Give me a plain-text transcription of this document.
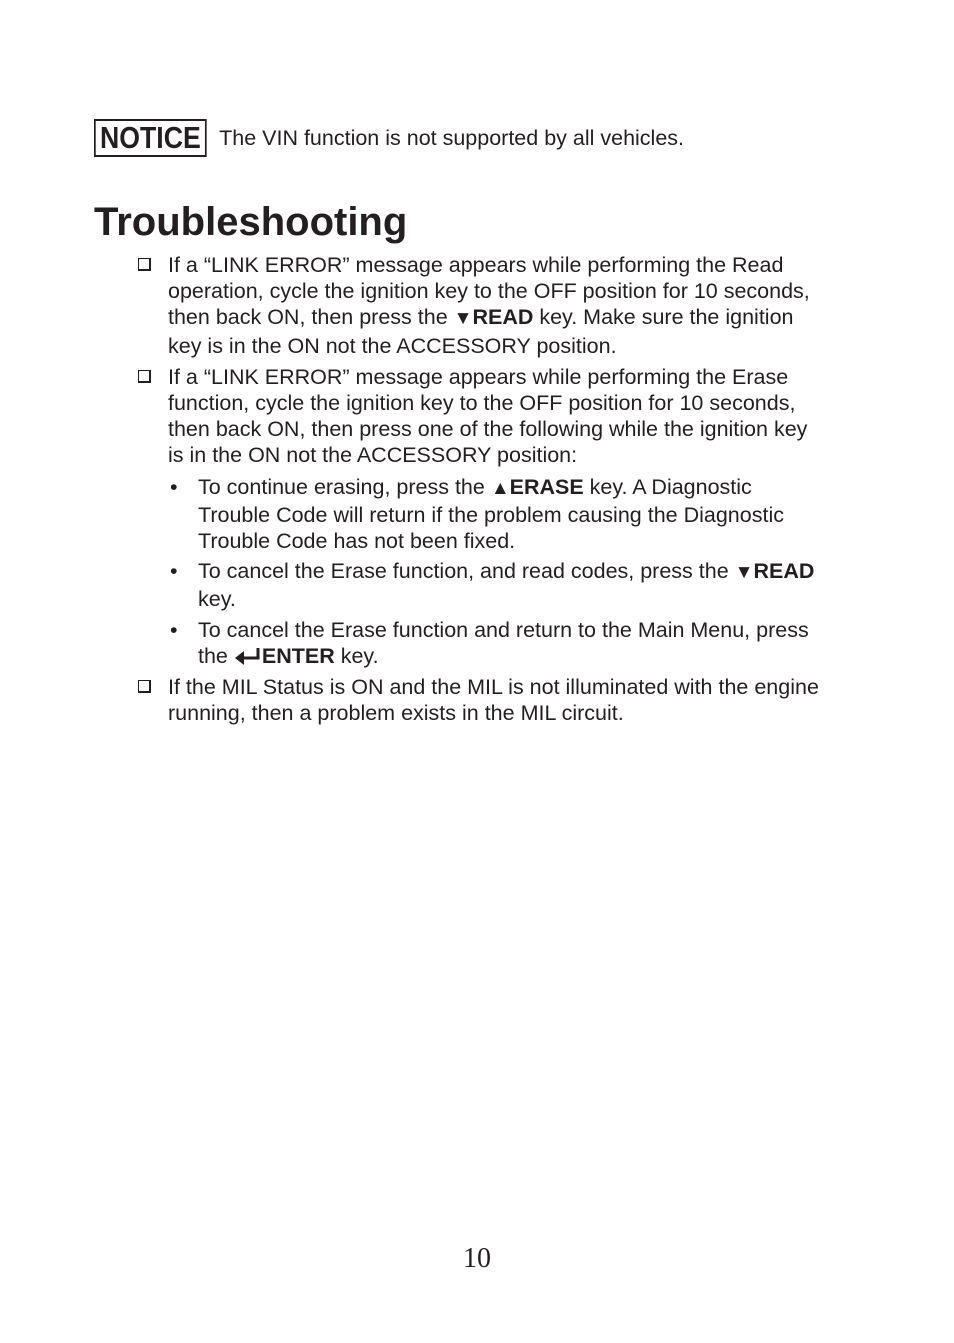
NOTICE The VIN function is not supported by all vehicles.
Troubleshooting
If a “LINK ERROR” message appears while performing the Read operation, cycle the ignition key to the OFF position for 10 seconds, then back ON, then press the ▼READ key. Make sure the ignition key is in the ON not the ACCESSORY position.
If a “LINK ERROR” message appears while performing the Erase function, cycle the ignition key to the OFF position for 10 seconds, then back ON, then press one of the following while the ignition key is in the ON not the ACCESSORY position:
• To continue erasing, press the ▲ERASE key. A Diagnostic Trouble Code will return if the problem causing the Diagnostic Trouble Code has not been fixed.
• To cancel the Erase function, and read codes, press the ▼READ key.
• To cancel the Erase function and return to the Main Menu, press the ENTER key.
If the MIL Status is ON and the MIL is not illuminated with the engine running, then a problem exists in the MIL circuit.
10
